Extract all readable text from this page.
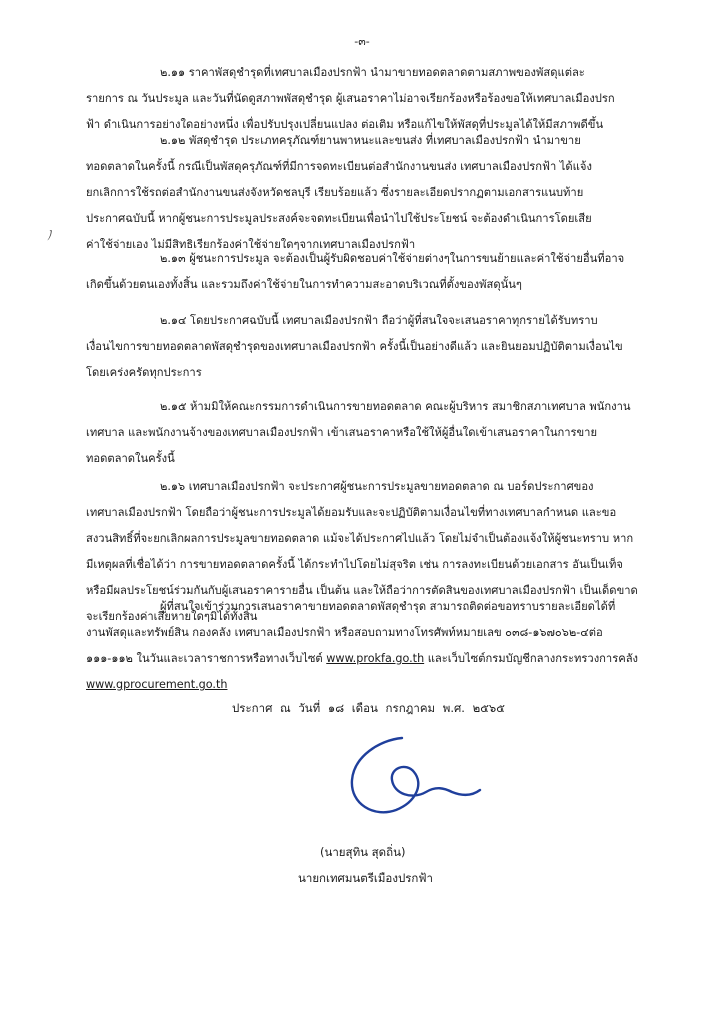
-๓-
ノ
๒.๑๑ ราคาพัสดุชำรุดที่เทศบาลเมืองปรกฟ้า นำมาขายทอดตลาดตามสภาพของพัสดุแต่ละ
รายการ ณ วันประมูล และวันที่นัดดูสภาพพัสดุชำรุด ผู้เสนอราคาไม่อาจเรียกร้องหรือร้องขอให้เทศบาลเมืองปรก
ฟ้า ดำเนินการอย่างใดอย่างหนึ่ง เพื่อปรับปรุงเปลี่ยนแปลง ต่อเติม หรือแก้ไขให้พัสดุที่ประมูลได้ให้มีสภาพดีขึ้น
๒.๑๒ พัสดุชำรุด ประเภทครุภัณฑ์ยานพาหนะและขนส่ง ที่เทศบาลเมืองปรกฟ้า นำมาขาย
ทอดตลาดในครั้งนี้ กรณีเป็นพัสดุครุภัณฑ์ที่มีการจดทะเบียนต่อสำนักงานขนส่ง เทศบาลเมืองปรกฟ้า ได้แจ้ง
ยกเลิกการใช้รถต่อสำนักงานขนส่งจังหวัดชลบุรี เรียบร้อยแล้ว ซึ่งรายละเอียดปรากฏตามเอกสารแนบท้าย
ประกาศฉบับนี้ หากผู้ชนะการประมูลประสงค์จะจดทะเบียนเพื่อนำไปใช้ประโยชน์ จะต้องดำเนินการโดยเสีย
ค่าใช้จ่ายเอง ไม่มีสิทธิเรียกร้องค่าใช้จ่ายใดๆจากเทศบาลเมืองปรกฟ้า
๒.๑๓ ผู้ชนะการประมูล จะต้องเป็นผู้รับผิดชอบค่าใช้จ่ายต่างๆในการขนย้ายและค่าใช้จ่ายอื่นที่อาจ
เกิดขึ้นด้วยตนเองทั้งสิ้น และรวมถึงค่าใช้จ่ายในการทำความสะอาดบริเวณที่ตั้งของพัสดุนั้นๆ
๒.๑๔ โดยประกาศฉบับนี้ เทศบาลเมืองปรกฟ้า ถือว่าผู้ที่สนใจจะเสนอราคาทุกรายได้รับทราบ
เงื่อนไขการขายทอดตลาดพัสดุชำรุดของเทศบาลเมืองปรกฟ้า ครั้งนี้เป็นอย่างดีแล้ว และยินยอมปฏิบัติตามเงื่อนไข
โดยเคร่งครัดทุกประการ
๒.๑๕ ห้ามมิให้คณะกรรมการดำเนินการขายทอดตลาด คณะผู้บริหาร สมาชิกสภาเทศบาล พนักงาน
เทศบาล และพนักงานจ้างของเทศบาลเมืองปรกฟ้า เข้าเสนอราคาหรือใช้ให้ผู้อื่นใดเข้าเสนอราคาในการขาย
ทอดตลาดในครั้งนี้
๒.๑๖ เทศบาลเมืองปรกฟ้า จะประกาศผู้ชนะการประมูลขายทอดตลาด ณ บอร์ดประกาศของ
เทศบาลเมืองปรกฟ้า โดยถือว่าผู้ชนะการประมูลได้ยอมรับและจะปฏิบัติตามเงื่อนไขที่ทางเทศบาลกำหนด และขอ
สงวนสิทธิ์ที่จะยกเลิกผลการประมูลขายทอดตลาด แม้จะได้ประกาศไปแล้ว โดยไม่จำเป็นต้องแจ้งให้ผู้ชนะทราบ หาก
มีเหตุผลที่เชื่อได้ว่า การขายทอดตลาดครั้งนี้ ได้กระทำไปโดยไม่สุจริต เช่น การลงทะเบียนด้วยเอกสาร อันเป็นเท็จ
หรือมีผลประโยชน์ร่วมกันกับผู้เสนอราคารายอื่น เป็นต้น และให้ถือว่าการตัดสินของเทศบาลเมืองปรกฟ้า เป็นเด็ดขาด
จะเรียกร้องค่าเสียหายใดๆมิได้ทั้งสิ้น
ผู้ที่สนใจเข้าร่วมการเสนอราคาขายทอดตลาดพัสดุชำรุด สามารถติดต่อขอทราบรายละเอียดได้ที่
งานพัสดุและทรัพย์สิน กองคลัง เทศบาลเมืองปรกฟ้า หรือสอบถามทางโทรศัพท์หมายเลข ๐๓๘-๑๖๗๐๖๒-๔ต่อ
๑๑๑-๑๑๒ ในวันและเวลาราชการหรือทางเว็บไซต์ www.prokfa.go.th และเว็บไซต์กรมบัญชีกลางกระทรวงการคลัง
www.gprocurement.go.th
ประกาศ ณ วันที่ ๑๘ เดือน กรกฎาคม พ.ศ. ๒๕๖๕
(นายสุทิน สุดถิ่น)
นายกเทศมนตรีเมืองปรกฟ้า
